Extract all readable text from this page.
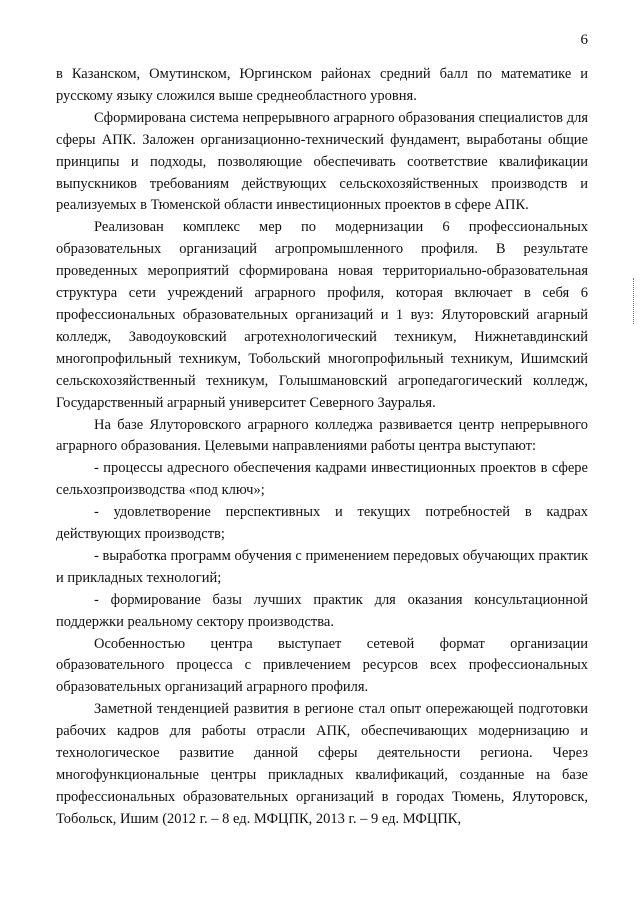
6

в Казанском, Омутинском, Юргинском районах средний балл по математике и русскому языку сложился выше среднеобластного уровня.

Сформирована система непрерывного аграрного образования специалистов для сферы АПК. Заложен организационно-технический фундамент, выработаны общие принципы и подходы, позволяющие обеспечивать соответствие квалификации выпускников требованиям действующих сельскохозяйственных производств и реализуемых в Тюменской области инвестиционных проектов в сфере АПК.

Реализован комплекс мер по модернизации 6 профессиональных образовательных организаций агропромышленного профиля. В результате проведенных мероприятий сформирована новая территориально-образовательная структура сети учреждений аграрного профиля, которая включает в себя 6 профессиональных образовательных организаций и 1 вуз: Ялуторовский агарный колледж, Заводоуковский агротехнологический техникум, Нижнетавдинский многопрофильный техникум, Тобольский многопрофильный техникум, Ишимский сельскохозяйственный техникум, Голышмановский агропедагогический колледж, Государственный аграрный университет Северного Зауралья.

На базе Ялуторовского аграрного колледжа развивается центр непрерывного аграрного образования. Целевыми направлениями работы центра выступают:

- процессы адресного обеспечения кадрами инвестиционных проектов в сфере сельхозпроизводства «под ключ»;

- удовлетворение перспективных и текущих потребностей в кадрах действующих производств;

- выработка программ обучения с применением передовых обучающих практик и прикладных технологий;

- формирование базы лучших практик для оказания консультационной поддержки реальному сектору производства.

Особенностью центра выступает сетевой формат организации образовательного процесса с привлечением ресурсов всех профессиональных образовательных организаций аграрного профиля.

Заметной тенденцией развития в регионе стал опыт опережающей подготовки рабочих кадров для работы отрасли АПК, обеспечивающих модернизацию и технологическое развитие данной сферы деятельности региона. Через многофункциональные центры прикладных квалификаций, созданные на базе профессиональных образовательных организаций в городах Тюмень, Ялуторовск, Тобольск, Ишим (2012 г. – 8 ед. МФЦПК, 2013 г. – 9 ед. МФЦПК,
